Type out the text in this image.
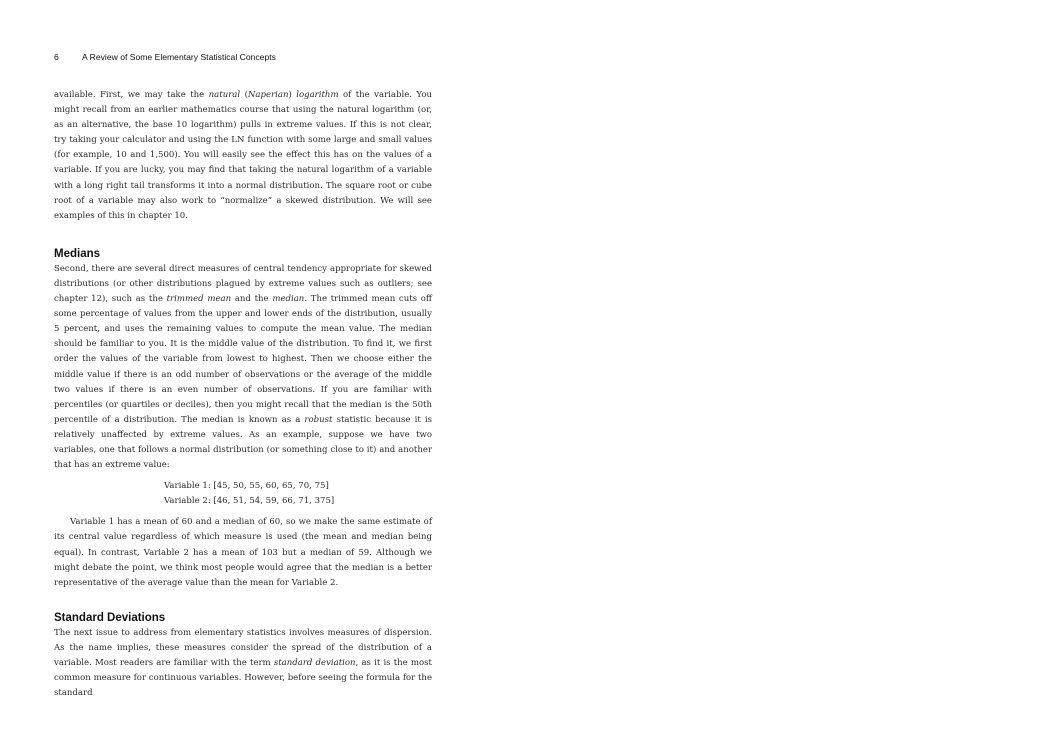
6	A Review of Some Elementary Statistical Concepts

available. First, we may take the natural (Naperian) logarithm of the variable. You might recall from an earlier mathematics course that using the natural logarithm (or, as an alternative, the base 10 logarithm) pulls in extreme values. If this is not clear, try taking your calculator and using the LN function with some large and small values (for example, 10 and 1,500). You will easily see the effect this has on the values of a variable. If you are lucky, you may find that taking the natural logarithm of a variable with a long right tail transforms it into a normal distribution. The square root or cube root of a variable may also work to “normalize” a skewed distribution. We will see examples of this in chapter 10.

Medians

Second, there are several direct measures of central tendency appropriate for skewed distributions (or other distributions plagued by extreme values such as outliers; see chapter 12), such as the trimmed mean and the median. The trimmed mean cuts off some percentage of values from the upper and lower ends of the distribution, usually 5 percent, and uses the remaining values to compute the mean value. The median should be familiar to you. It is the middle value of the distribution. To find it, we first order the values of the variable from lowest to highest. Then we choose either the middle value if there is an odd number of observations or the average of the middle two values if there is an even number of observations. If you are familiar with percentiles (or quartiles or deciles), then you might recall that the median is the 50th percentile of a distribution. The median is known as a robust statistic because it is relatively unaffected by extreme values. As an example, suppose we have two variables, one that follows a normal distribution (or something close to it) and another that has an extreme value:

Variable 1: [45, 50, 55, 60, 65, 70, 75]
Variable 2: [46, 51, 54, 59, 66, 71, 375]

Variable 1 has a mean of 60 and a median of 60, so we make the same estimate of its central value regardless of which measure is used (the mean and median being equal). In contrast, Variable 2 has a mean of 103 but a median of 59. Although we might debate the point, we think most people would agree that the median is a better representative of the average value than the mean for Variable 2.

Standard Deviations

The next issue to address from elementary statistics involves measures of dispersion. As the name implies, these measures consider the spread of the distribution of a variable. Most readers are familiar with the term standard deviation, as it is the most common measure for continuous variables. However, before seeing the formula for the standard
